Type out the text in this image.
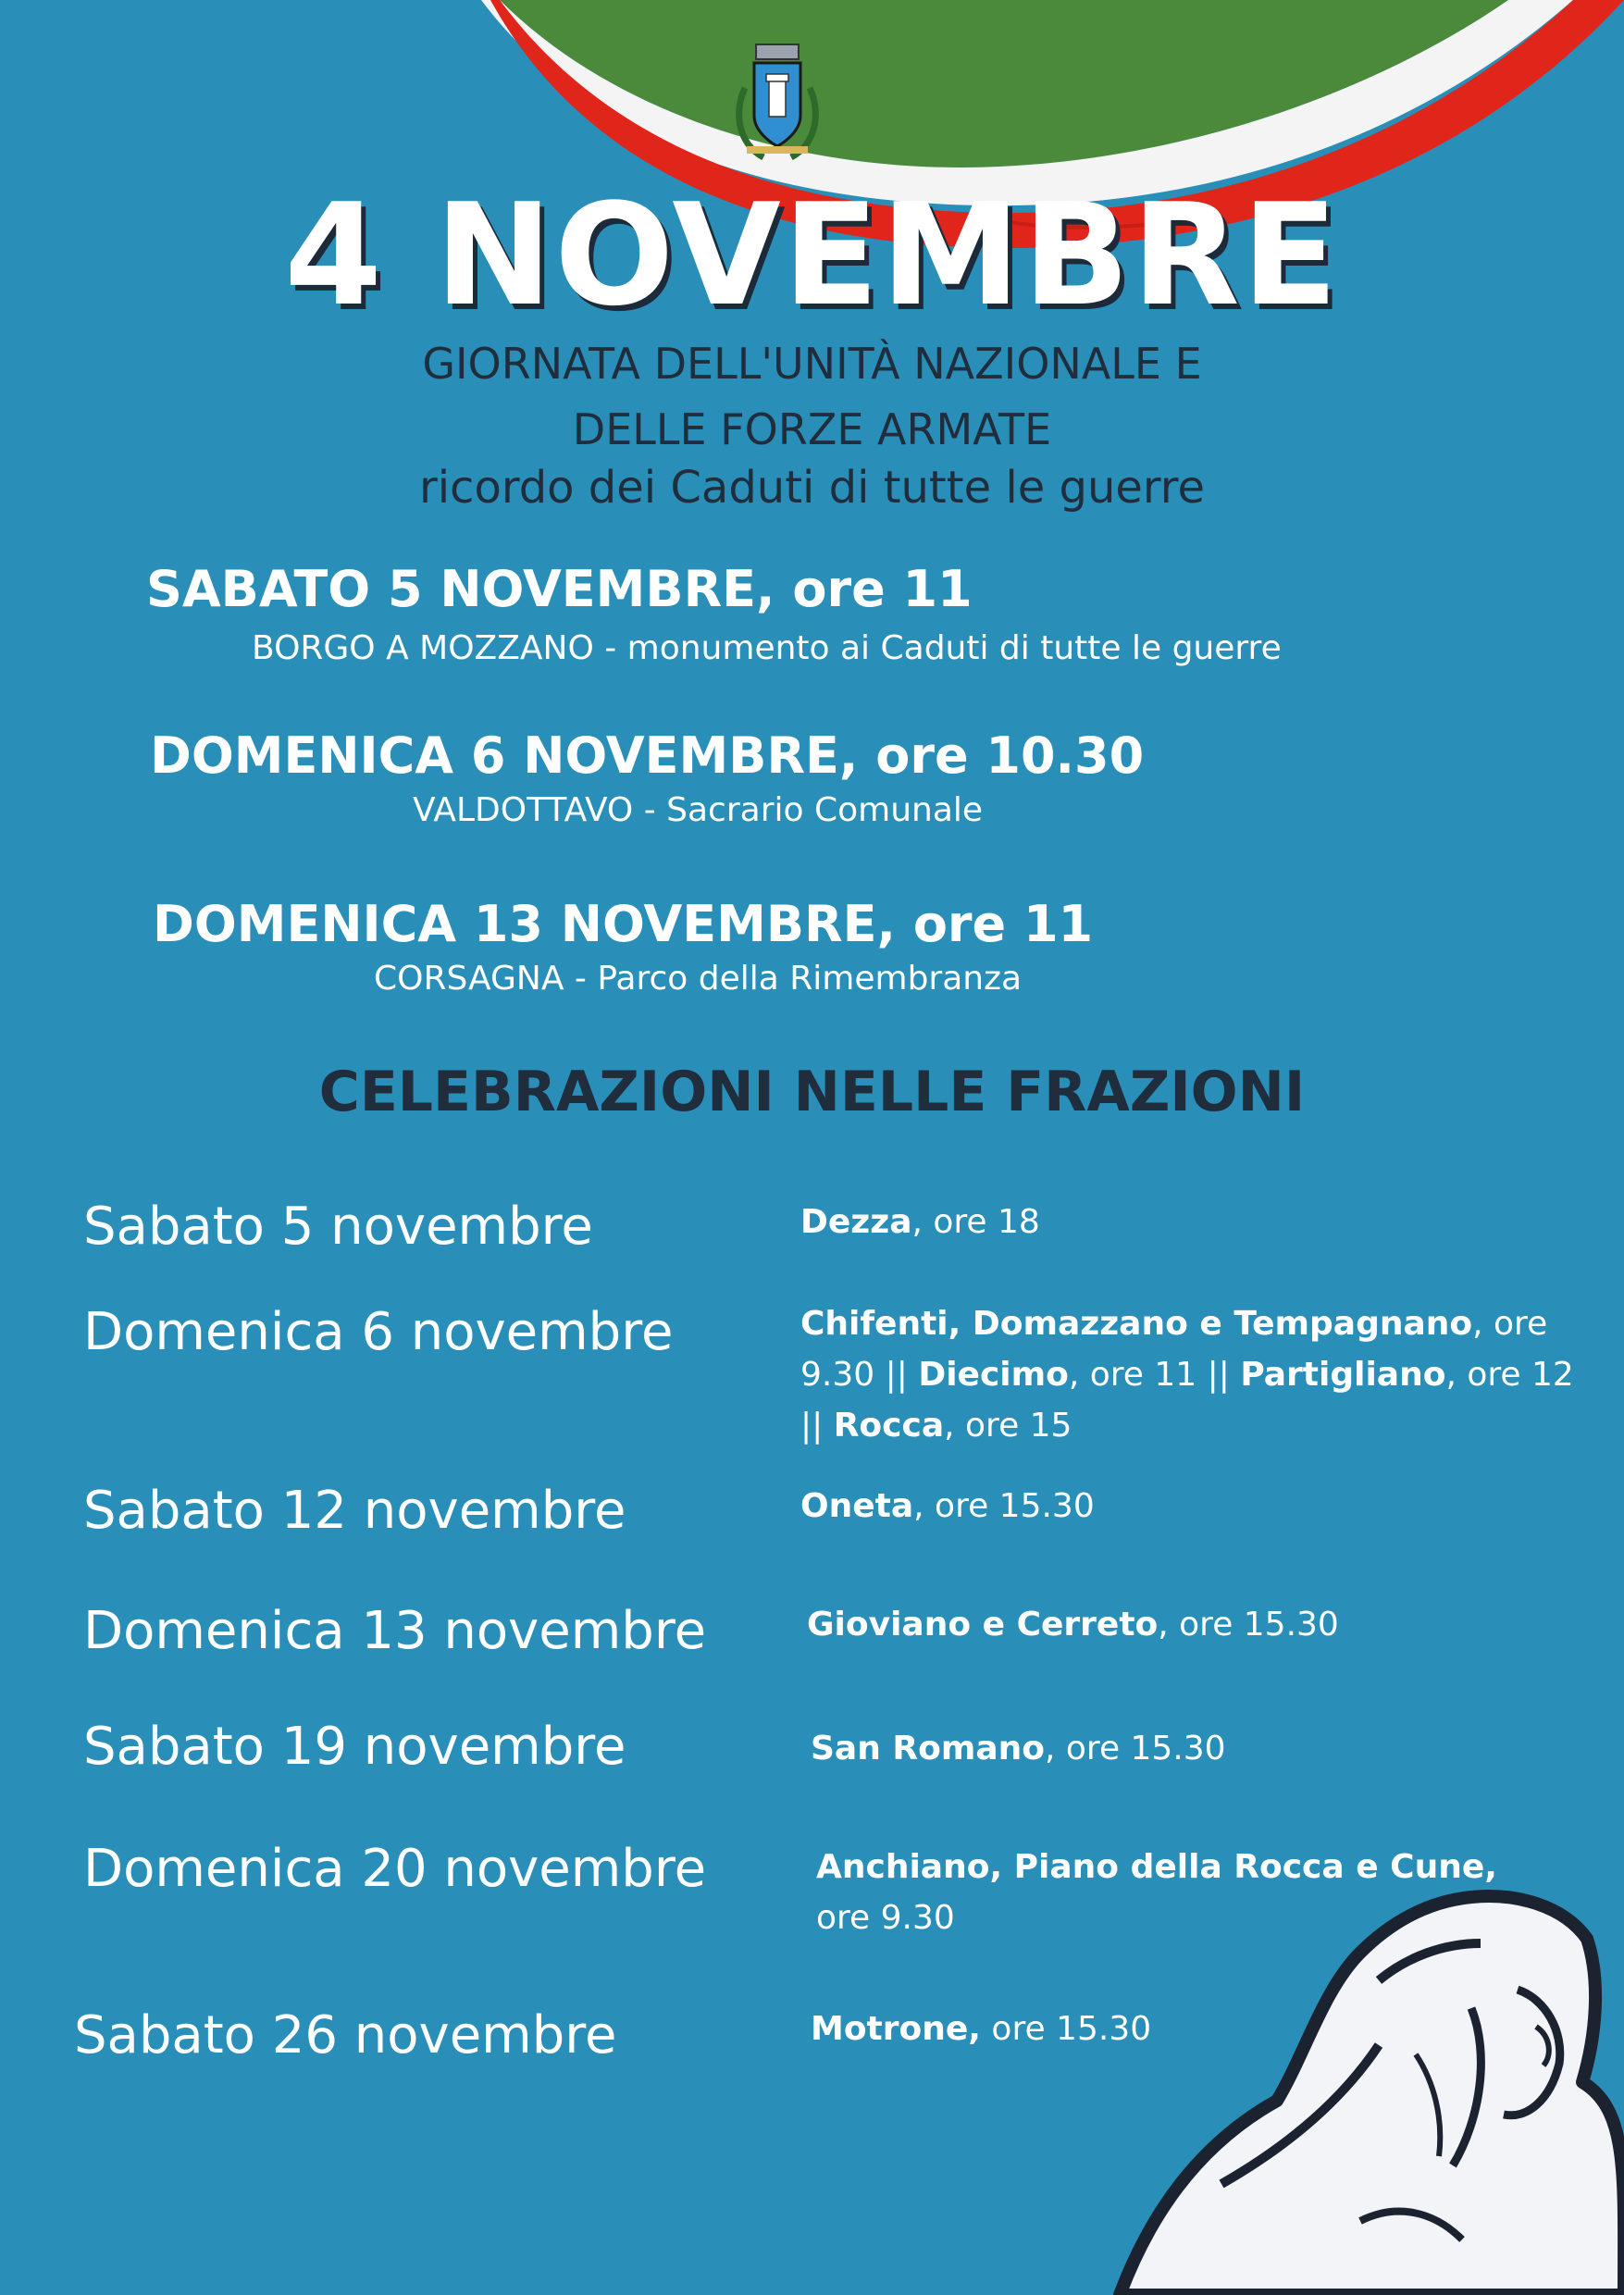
4 NOVEMBRE
GIORNATA DELL'UNITÀ NAZIONALE E
DELLE FORZE ARMATE
ricordo dei Caduti di tutte le guerre
SABATO 5 NOVEMBRE, ore 11
BORGO A MOZZANO - monumento ai Caduti di tutte le guerre
DOMENICA 6 NOVEMBRE, ore 10.30
VALDOTTAVO - Sacrario Comunale
DOMENICA 13 NOVEMBRE, ore 11
CORSAGNA - Parco della Rimembranza
CELEBRAZIONI NELLE FRAZIONI
Sabato 5 novembre	Dezza, ore 18
Domenica 6 novembre	Chifenti, Domazzano e Tempagnano, ore 9.30 || Diecimo, ore 11 || Partigliano, ore 12 || Rocca, ore 15
Sabato 12 novembre	Oneta, ore 15.30
Domenica 13 novembre	Gioviano e Cerreto, ore 15.30
Sabato 19 novembre	San Romano, ore 15.30
Domenica 20 novembre	Anchiano, Piano della Rocca e Cune, ore 9.30
Sabato 26 novembre	Motrone, ore 15.30
